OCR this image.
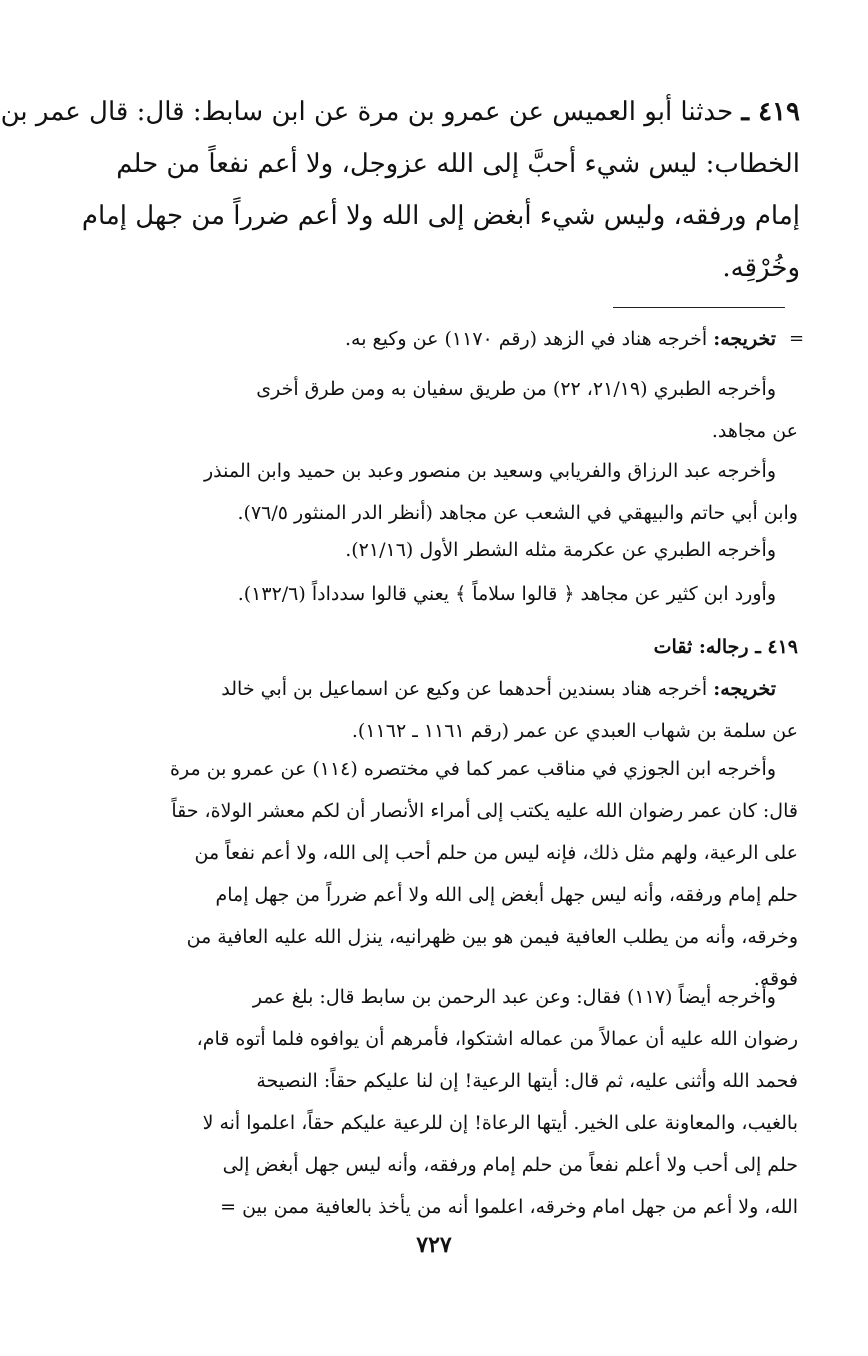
٤١٩ ـ حدثنا أبو العميس عن عمرو بن مرة عن ابن سابط: قال: قال عمر بن
الخطاب: ليس شيء أحبَّ إلى الله عزوجل، ولا أعم نفعاً من حلم
إمام ورفقه، وليس شيء أبغض إلى الله ولا أعم ضرراً من جهل إمام
وخُرْقِه.
=
تخريجه: أخرجه هناد في الزهد (رقم ١١٧٠) عن وكيع به.
وأخرجه الطبري (٢١/١٩، ٢٢) من طريق سفيان به ومن طرق أخرى
عن مجاهد.
وأخرجه عبد الرزاق والفريابي وسعيد بن منصور وعبد بن حميد وابن المنذر
وابن أبي حاتم والبيهقي في الشعب عن مجاهد (أنظر الدر المنثور ٧٦/٥).
وأخرجه الطبري عن عكرمة مثله الشطر الأول (٢١/١٦).
وأورد ابن كثير عن مجاهد ﴿ قالوا سلاماً ﴾ يعني قالوا سدداداً (١٣٢/٦).
٤١٩ ـ رجاله: ثقات
تخريجه: أخرجه هناد بسندين أحدهما عن وكيع عن اسماعيل بن أبي خالد
عن سلمة بن شهاب العبدي عن عمر (رقم ١١٦١ ـ ١١٦٢).
وأخرجه ابن الجوزي في مناقب عمر كما في مختصره (١١٤) عن عمرو بن مرة
قال: كان عمر رضوان الله عليه يكتب إلى أمراء الأنصار أن لكم معشر الولاة، حقاً
على الرعية، ولهم مثل ذلك، فإنه ليس من حلم أحب إلى الله، ولا أعم نفعاً من
حلم إمام ورفقه، وأنه ليس جهل أبغض إلى الله ولا أعم ضرراً من جهل إمام
وخرقه، وأنه من يطلب العافية فيمن هو بين ظهرانيه، ينزل الله عليه العافية من
فوقه.
وأخرجه أيضاً (١١٧) فقال: وعن عبد الرحمن بن سابط قال: بلغ عمر
رضوان الله عليه أن عمالاً من عماله اشتكوا، فأمرهم أن يوافوه فلما أتوه قام،
فحمد الله وأثنى عليه، ثم قال: أيتها الرعية! إن لنا عليكم حقاً: النصيحة
بالغيب، والمعاونة على الخير. أيتها الرعاة! إن للرعية عليكم حقاً، اعلموا أنه لا
حلم إلى أحب ولا أعلم نفعاً من حلم إمام ورفقه، وأنه ليس جهل أبغض إلى
الله، ولا أعم من جهل امام وخرقه، اعلموا أنه من يأخذ بالعافية ممن بين =
٧٢٧
